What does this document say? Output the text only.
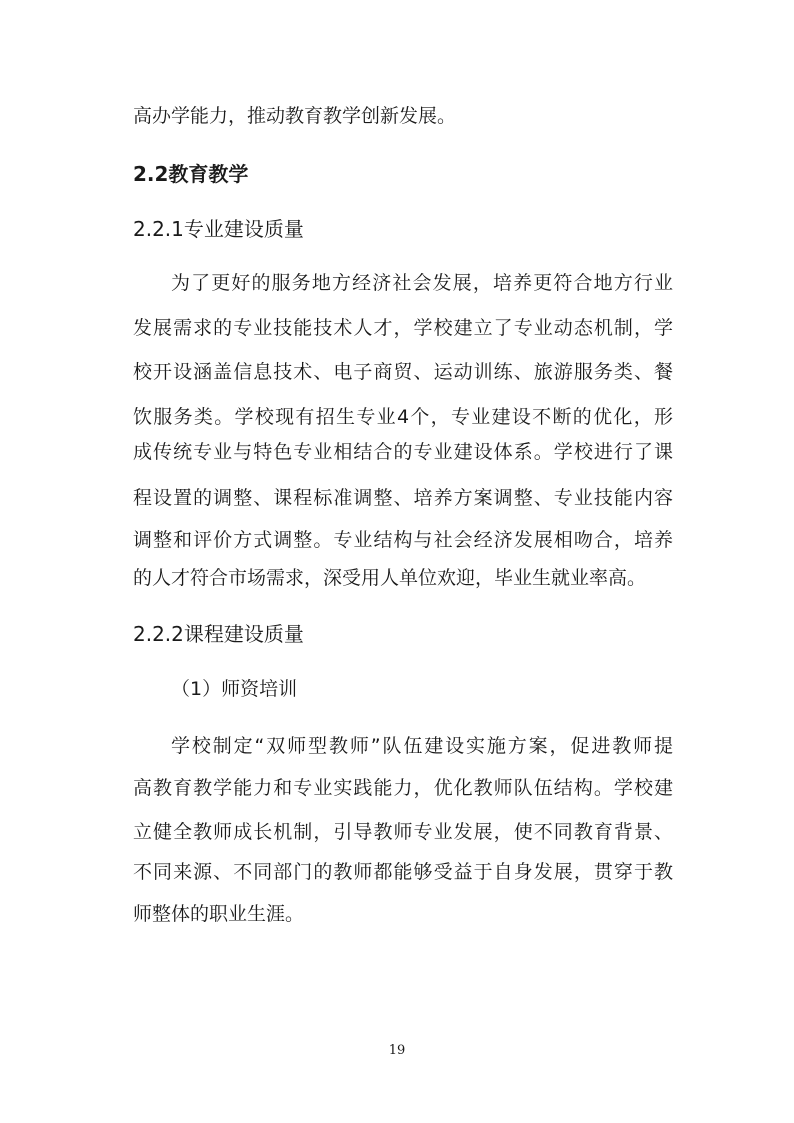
高办学能力，推动教育教学创新发展。
2.2教育教学
2.2.1专业建设质量
为了更好的服务地方经济社会发展，培养更符合地方行业
发展需求的专业技能技术人才，学校建立了专业动态机制，学
校开设涵盖信息技术、电子商贸、运动训练、旅游服务类、餐
饮服务类。学校现有招生专业4个，专业建设不断的优化，形
成传统专业与特色专业相结合的专业建设体系。学校进行了课
程设置的调整、课程标准调整、培养方案调整、专业技能内容
调整和评价方式调整。专业结构与社会经济发展相吻合，培养
的人才符合市场需求，深受用人单位欢迎，毕业生就业率高。
2.2.2课程建设质量
（1）师资培训
学校制定“双师型教师”队伍建设实施方案，促进教师提
高教育教学能力和专业实践能力，优化教师队伍结构。学校建
立健全教师成长机制，引导教师专业发展，使不同教育背景、
不同来源、不同部门的教师都能够受益于自身发展，贯穿于教
师整体的职业生涯。
19
